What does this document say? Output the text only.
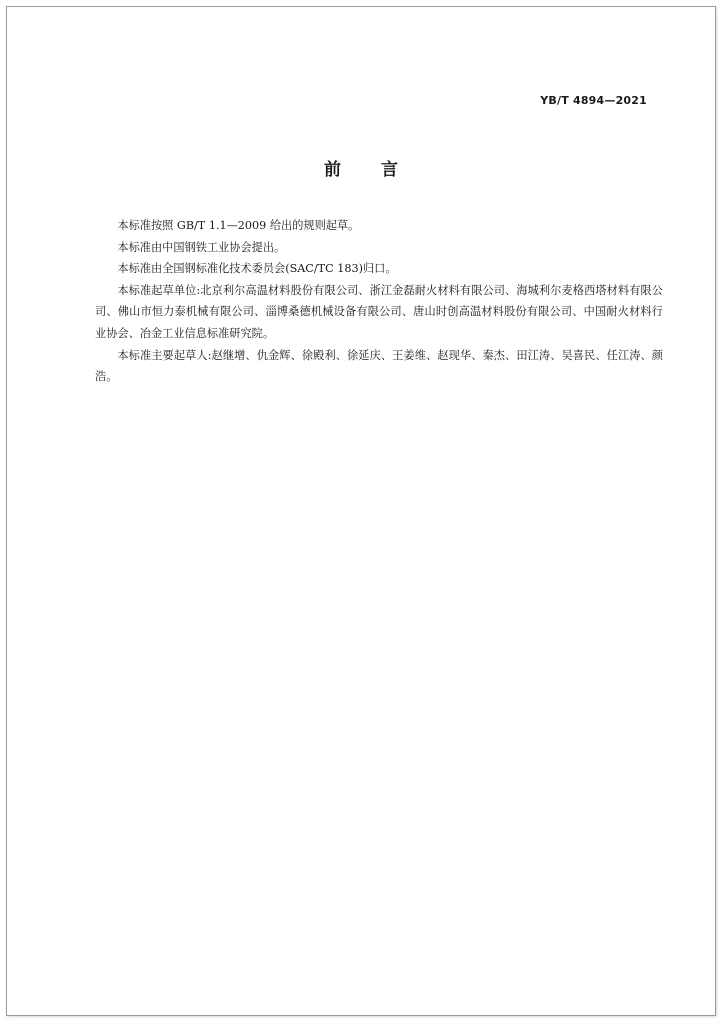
YB/T 4894—2021
前言

本标准按照 GB/T 1.1—2009 给出的规则起草。

本标准由中国钢铁工业协会提出。

本标准由全国钢标准化技术委员会(SAC/TC 183)归口。

本标准起草单位:北京利尔高温材料股份有限公司、浙江金磊耐火材料有限公司、海城利尔麦格西塔材料有限公司、佛山市恒力泰机械有限公司、淄博桑德机械设备有限公司、唐山时创高温材料股份有限公司、中国耐火材料行业协会、冶金工业信息标准研究院。

本标准主要起草人:赵继增、仇金辉、徐殿利、徐延庆、王姜维、赵现华、秦杰、田江涛、吴喜民、任江涛、颜浩。
